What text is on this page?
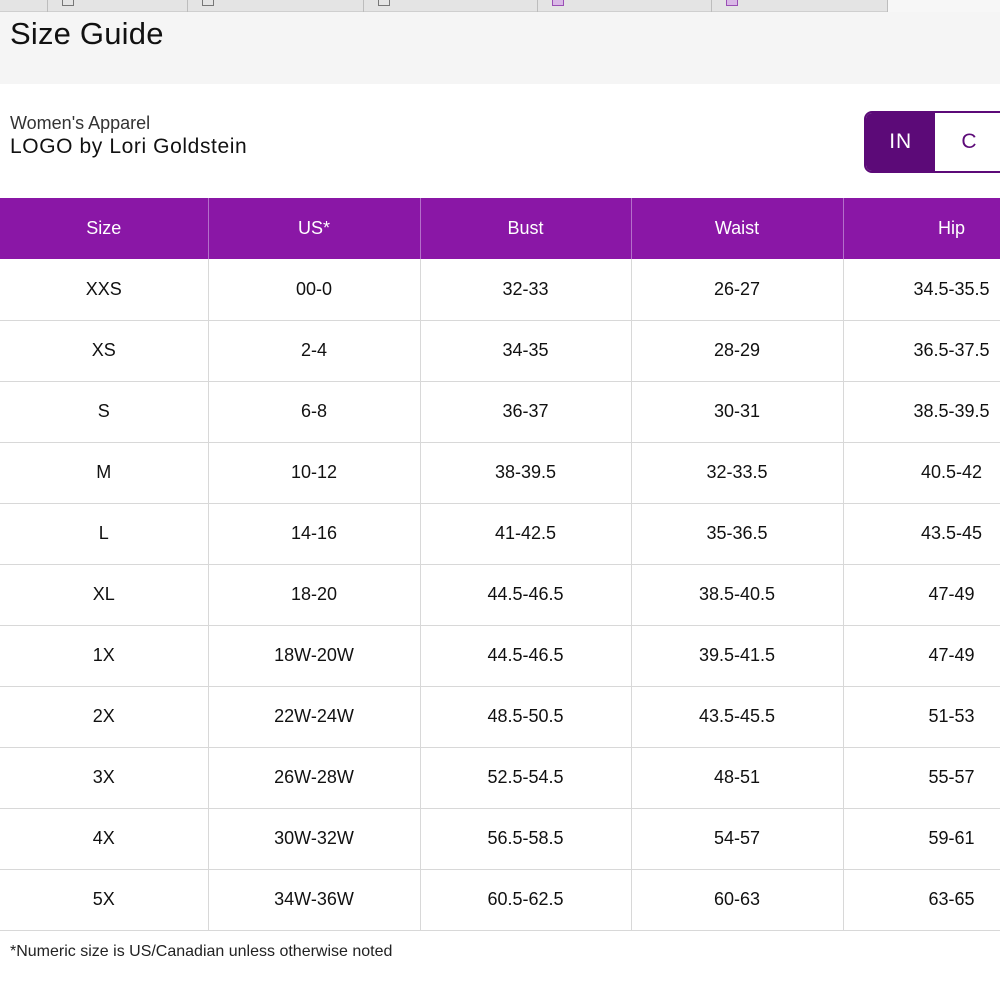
Size Guide
Women's Apparel
LOGO by Lori Goldstein	IN	C
Size	US*	Bust	Waist	Hip
XXS	00-0	32-33	26-27	34.5-35.5
XS	2-4	34-35	28-29	36.5-37.5
S	6-8	36-37	30-31	38.5-39.5
M	10-12	38-39.5	32-33.5	40.5-42
L	14-16	41-42.5	35-36.5	43.5-45
XL	18-20	44.5-46.5	38.5-40.5	47-49
1X	18W-20W	44.5-46.5	39.5-41.5	47-49
2X	22W-24W	48.5-50.5	43.5-45.5	51-53
3X	26W-28W	52.5-54.5	48-51	55-57
4X	30W-32W	56.5-58.5	54-57	59-61
5X	34W-36W	60.5-62.5	60-63	63-65
*Numeric size is US/Canadian unless otherwise noted
